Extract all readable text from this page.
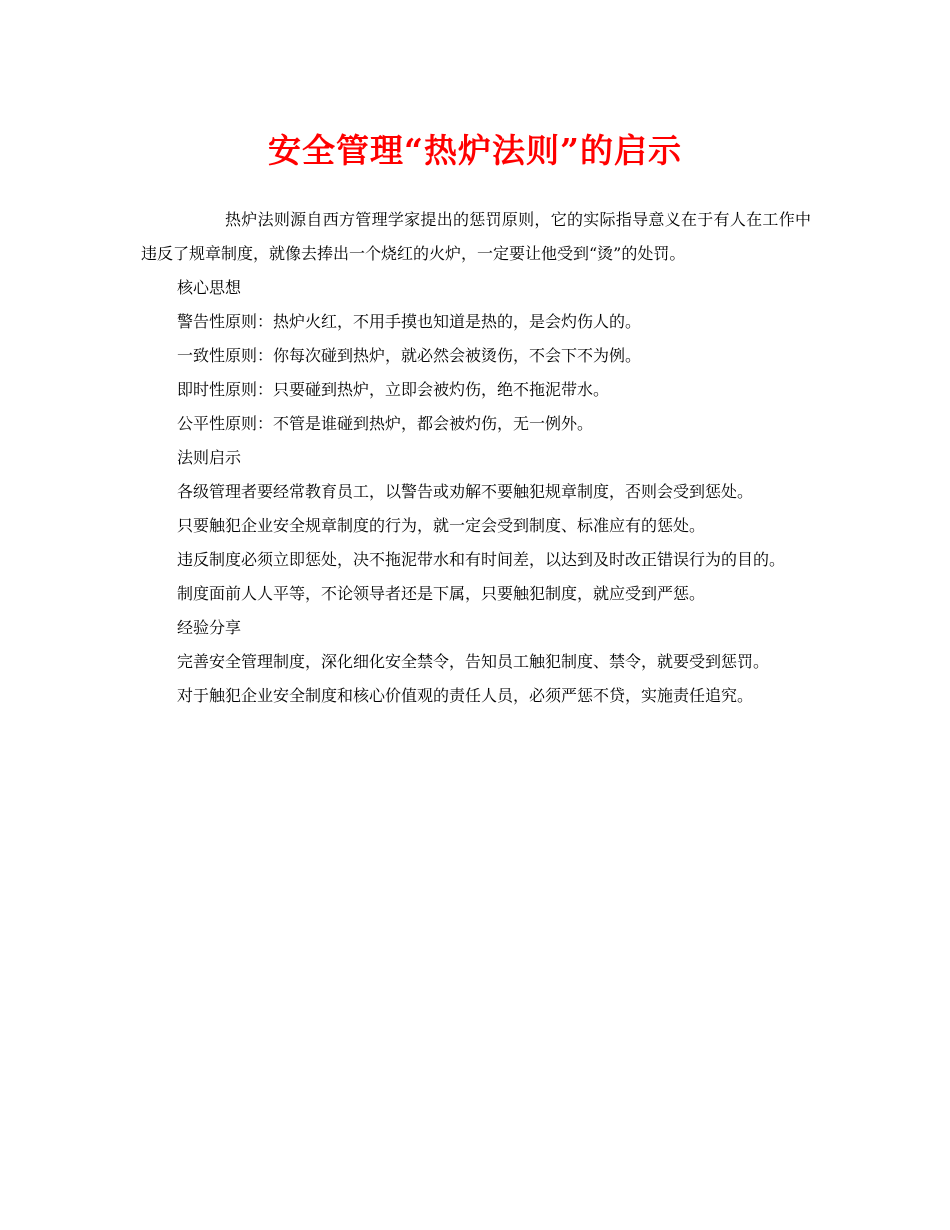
安全管理“热炉法则”的启示

热炉法则源自西方管理学家提出的惩罚原则，它的实际指导意义在于有人在工作中违反了规章制度，就像去捧出一个烧红的火炉，一定要让他受到“烫”的处罚。

核心思想

警告性原则：热炉火红，不用手摸也知道是热的，是会灼伤人的。

一致性原则：你每次碰到热炉，就必然会被烫伤，不会下不为例。

即时性原则：只要碰到热炉，立即会被灼伤，绝不拖泥带水。

公平性原则：不管是谁碰到热炉，都会被灼伤，无一例外。

法则启示

各级管理者要经常教育员工，以警告或劝解不要触犯规章制度，否则会受到惩处。

只要触犯企业安全规章制度的行为，就一定会受到制度、标准应有的惩处。

违反制度必须立即惩处，决不拖泥带水和有时间差，以达到及时改正错误行为的目的。

制度面前人人平等，不论领导者还是下属，只要触犯制度，就应受到严惩。

经验分享

完善安全管理制度，深化细化安全禁令，告知员工触犯制度、禁令，就要受到惩罚。

对于触犯企业安全制度和核心价值观的责任人员，必须严惩不贷，实施责任追究。
